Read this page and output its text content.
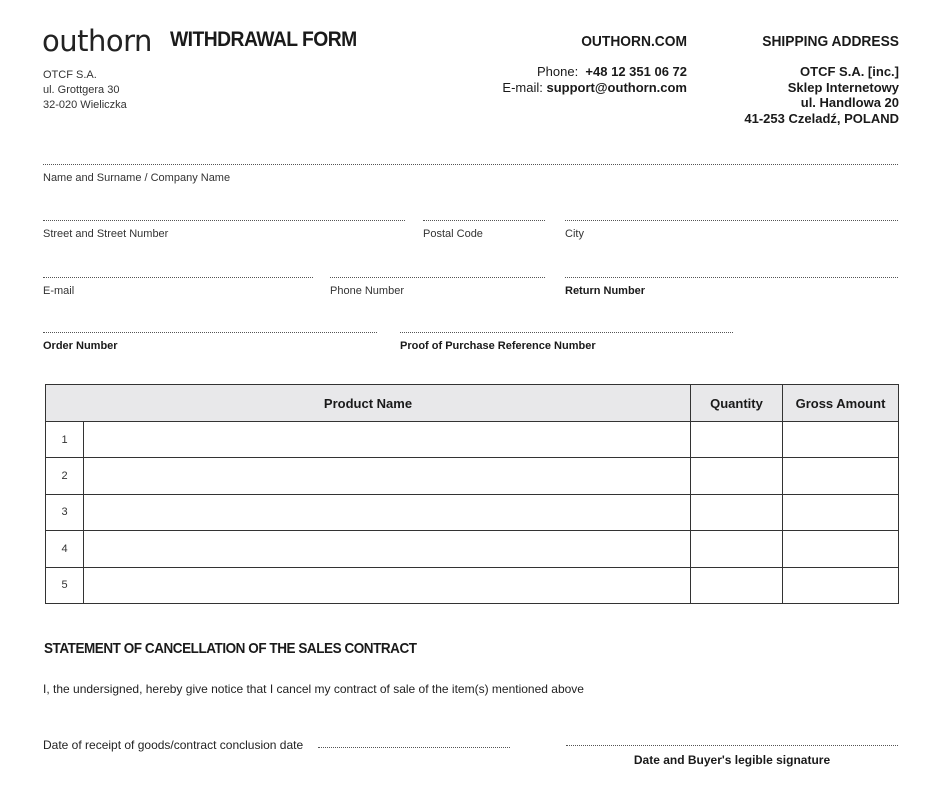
outhorn WITHDRAWAL FORM	OUTHORN.COM	SHIPPING ADDRESS
OTCF S.A.
ul. Grottgera 30
32-020 Wieliczka
Phone: +48 12 351 06 72
E-mail: support@outhorn.com
OTCF S.A. [inc.]
Sklep Internetowy
ul. Handlowa 20
41-253 Czeladź, POLAND
Name and Surname / Company Name
Street and Street Number	Postal Code	City
E-mail	Phone Number	Return Number
Order Number	Proof of Purchase Reference Number
Product Name		Quantity	Gross Amount
1			
2			
3			
4			
5			
STATEMENT OF CANCELLATION OF THE SALES CONTRACT
I, the undersigned, hereby give notice that I cancel my contract of sale of the item(s) mentioned above
Date of receipt of goods/contract conclusion date
Date and Buyer's legible signature
